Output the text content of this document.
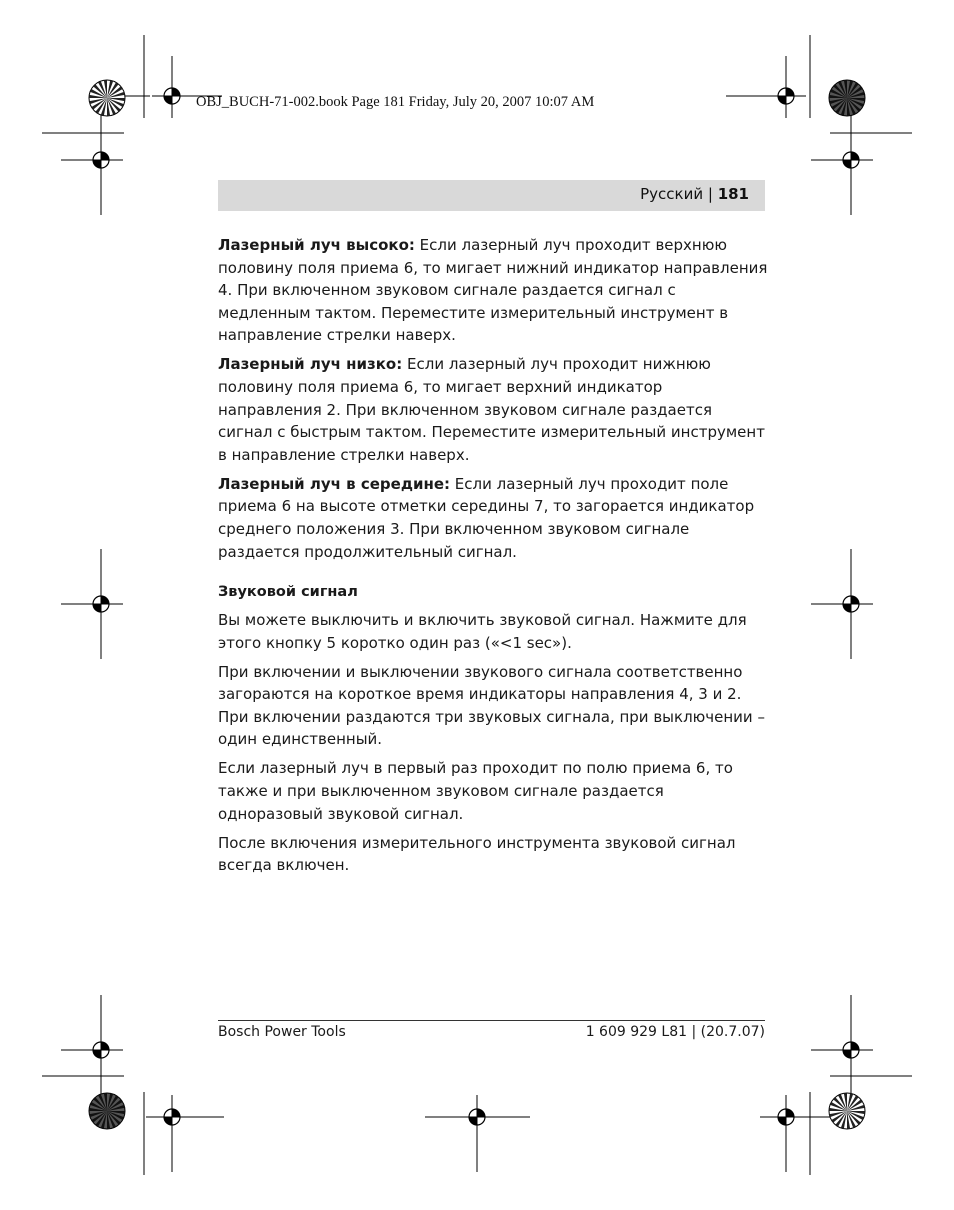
OBJ_BUCH-71-002.book Page 181 Friday, July 20, 2007 10:07 AM
Русский | 181

Лазерный луч высоко: Если лазерный луч проходит верхнюю половину поля приема 6, то мигает нижний индикатор направления 4. При включенном звуковом сигнале раздается сигнал с медленным тактом. Переместите измерительный инструмент в направление стрелки наверх.

Лазерный луч низко: Если лазерный луч проходит нижнюю половину поля приема 6, то мигает верхний индикатор направления 2. При включенном звуковом сигнале раздается сигнал с быстрым тактом. Переместите измерительный инструмент в направление стрелки наверх.

Лазерный луч в середине: Если лазерный луч проходит поле приема 6 на высоте отметки середины 7, то загорается индикатор среднего положения 3. При включенном звуковом сигнале раздается продолжительный сигнал.

Звуковой сигнал

Вы можете выключить и включить звуковой сигнал. Нажмите для этого кнопку 5 коротко один раз («<1 sec»).

При включении и выключении звукового сигнала соответственно загораются на короткое время индикаторы направления 4, 3 и 2. При включении раздаются три звуковых сигнала, при выключении – один единственный.

Если лазерный луч в первый раз проходит по полю приема 6, то также и при выключенном звуковом сигнале раздается одноразовый звуковой сигнал.

После включения измерительного инструмента звуковой сигнал всегда включен.

Bosch Power Tools	1 609 929 L81 | (20.7.07)
